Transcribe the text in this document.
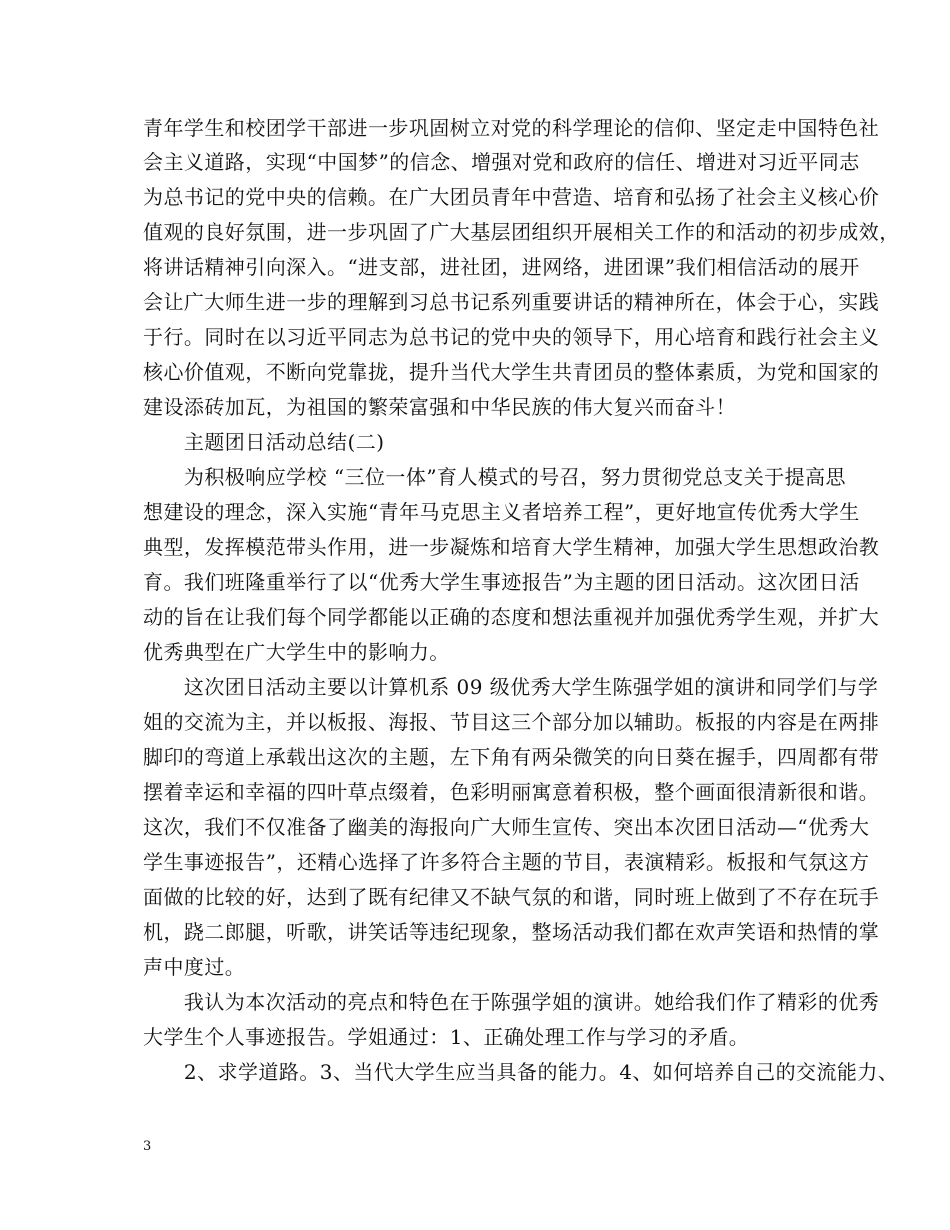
青年学生和校团学干部进一步巩固树立对党的科学理论的信仰、坚定走中国特色社
会主义道路，实现“中国梦”的信念、增强对党和政府的信任、增进对习近平同志
为总书记的党中央的信赖。在广大团员青年中营造、培育和弘扬了社会主义核心价
值观的良好氛围，进一步巩固了广大基层团组织开展相关工作的和活动的初步成效，
将讲话精神引向深入。“进支部，进社团，进网络，进团课”我们相信活动的展开
会让广大师生进一步的理解到习总书记系列重要讲话的精神所在，体会于心，实践
于行。同时在以习近平同志为总书记的党中央的领导下，用心培育和践行社会主义
核心价值观，不断向党靠拢，提升当代大学生共青团员的整体素质，为党和国家的
建设添砖加瓦，为祖国的繁荣富强和中华民族的伟大复兴而奋斗！
　　主题团日活动总结(二)
　　为积极响应学校 “三位一体”育人模式的号召，努力贯彻党总支关于提高思
想建设的理念，深入实施“青年马克思主义者培养工程”，更好地宣传优秀大学生
典型，发挥模范带头作用，进一步凝炼和培育大学生精神，加强大学生思想政治教
育。我们班隆重举行了以“优秀大学生事迹报告”为主题的团日活动。这次团日活
动的旨在让我们每个同学都能以正确的态度和想法重视并加强优秀学生观，并扩大
优秀典型在广大学生中的影响力。
　　这次团日活动主要以计算机系 09 级优秀大学生陈强学姐的演讲和同学们与学
姐的交流为主，并以板报、海报、节目这三个部分加以辅助。板报的内容是在两排
脚印的弯道上承载出这次的主题，左下角有两朵微笑的向日葵在握手，四周都有带
摆着幸运和幸福的四叶草点缀着，色彩明丽寓意着积极，整个画面很清新很和谐。
这次，我们不仅准备了幽美的海报向广大师生宣传、突出本次团日活动—“优秀大
学生事迹报告”，还精心选择了许多符合主题的节目，表演精彩。板报和气氛这方
面做的比较的好，达到了既有纪律又不缺气氛的和谐，同时班上做到了不存在玩手
机，跷二郎腿，听歌，讲笑话等违纪现象，整场活动我们都在欢声笑语和热情的掌
声中度过。
　　我认为本次活动的亮点和特色在于陈强学姐的演讲。她给我们作了精彩的优秀
大学生个人事迹报告。学姐通过：1、正确处理工作与学习的矛盾。
　　2、求学道路。3、当代大学生应当具备的能力。4、如何培养自己的交流能力、
3
